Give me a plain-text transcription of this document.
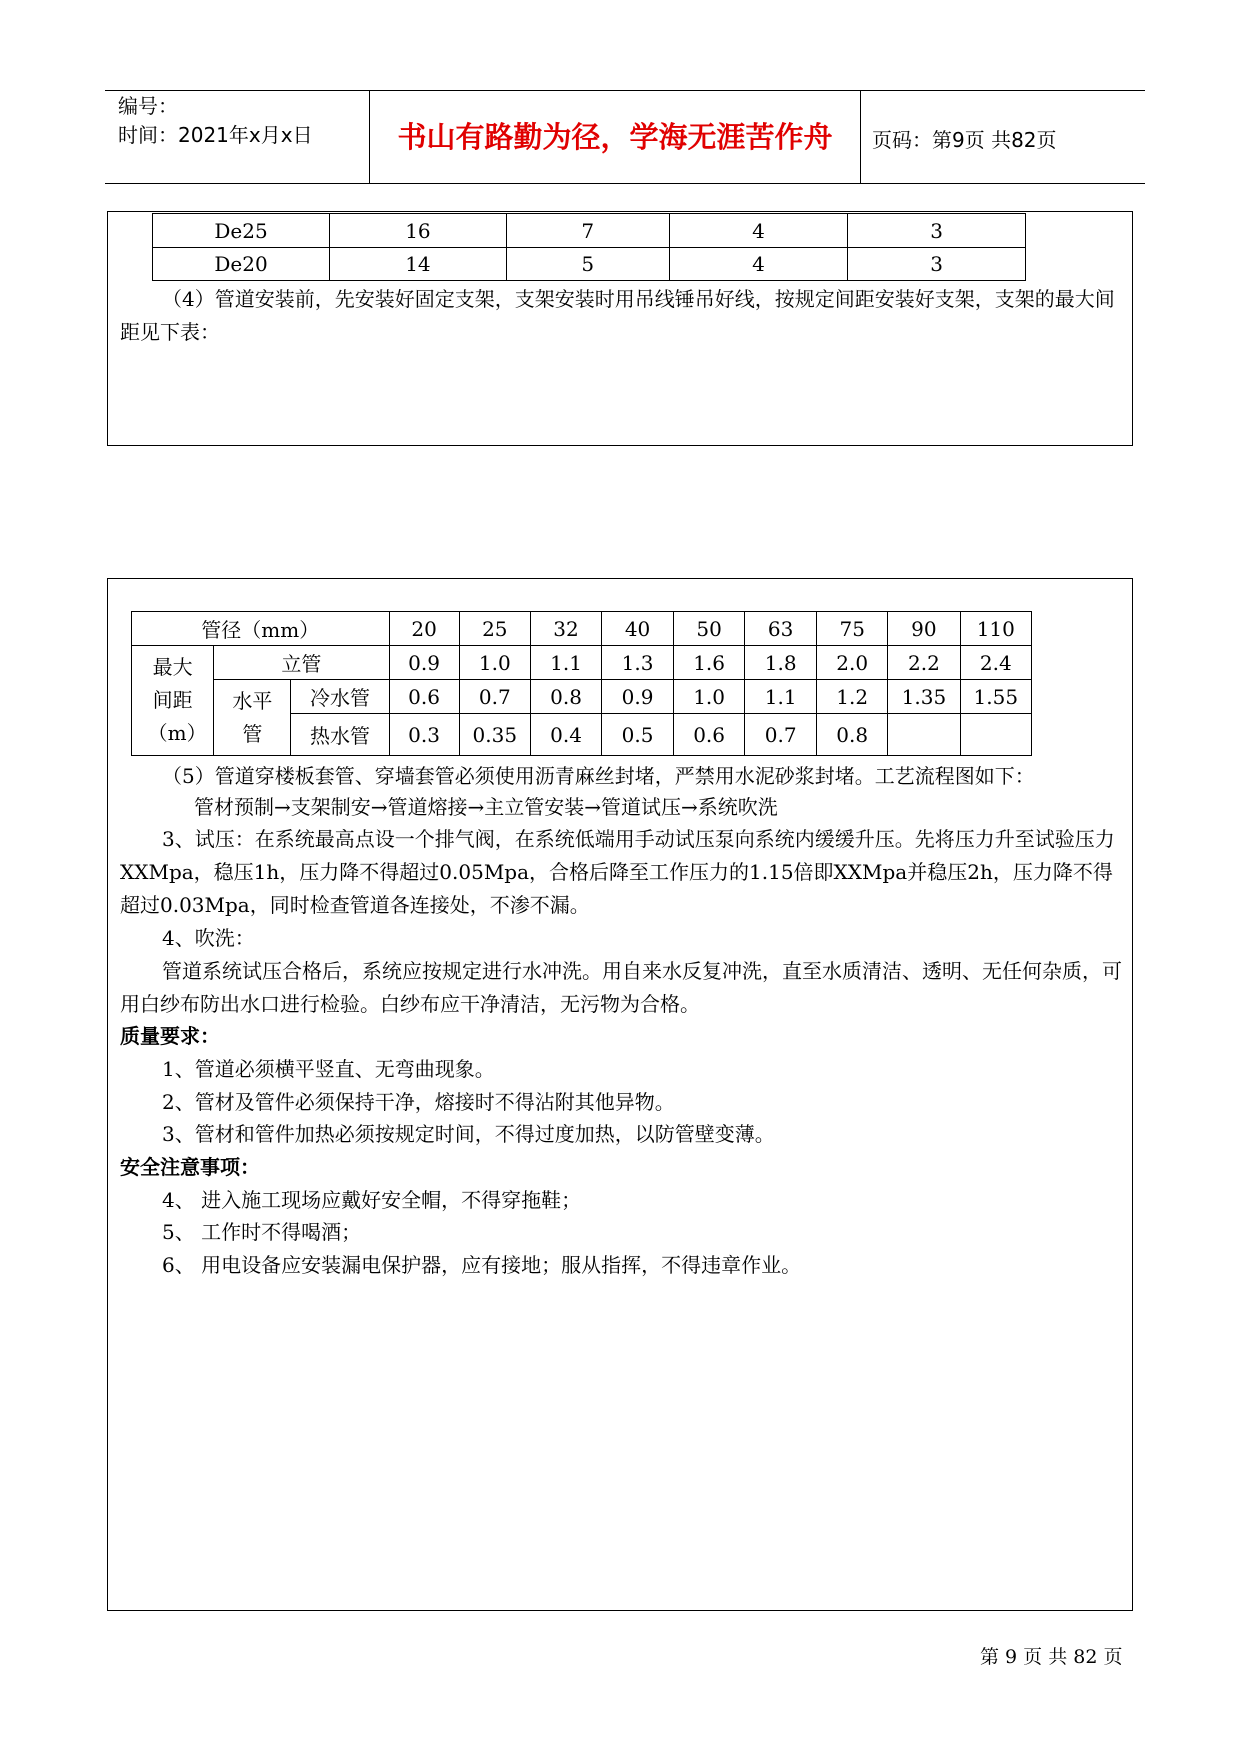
编号：
时间：2021年x月x日	书山有路勤为径，学海无涯苦作舟	页码：第9页 共82页
De25	16	7	4	3
De20	14	5	4	3
（4）管道安装前，先安装好固定支架，支架安装时用吊线锤吊好线，按规定间距安装好支架，支架的最大间距见下表：
管径（mm）			20	25	32	40	50	63	75	90	110

最大间距（m）	立管		0.9	1.0	1.1	1.3	1.6	1.8	2.0	2.2	2.4

	水平管	冷水管	0.6	0.7	0.8	0.9	1.0	1.1	1.2	1.35	1.55
		热水管	0.3	0.35	0.4	0.5	0.6	0.7	0.8		
（5）管道穿楼板套管、穿墙套管必须使用沥青麻丝封堵，严禁用水泥砂浆封堵。工艺流程图如下：
管材预制→支架制安→管道熔接→主立管安装→管道试压→系统吹洗
3、试压：在系统最高点设一个排气阀，在系统低端用手动试压泵向系统内缓缓升压。先将压力升至试验压力XXMpa，稳压1h，压力降不得超过0.05Mpa，合格后降至工作压力的1.15倍即XXMpa并稳压2h，压力降不得超过0.03Mpa，同时检查管道各连接处，不渗不漏。
4、吹洗：
管道系统试压合格后，系统应按规定进行水冲洗。用自来水反复冲洗，直至水质清洁、透明、无任何杂质，可用白纱布防出水口进行检验。白纱布应干净清洁，无污物为合格。
质量要求：
1、管道必须横平竖直、无弯曲现象。
2、管材及管件必须保持干净，熔接时不得沾附其他异物。
3、管材和管件加热必须按规定时间，不得过度加热，以防管壁变薄。
安全注意事项：
4、 进入施工现场应戴好安全帽，不得穿拖鞋；
5、 工作时不得喝酒；
6、 用电设备应安装漏电保护器，应有接地；服从指挥，不得违章作业。
第 9 页 共 82 页
